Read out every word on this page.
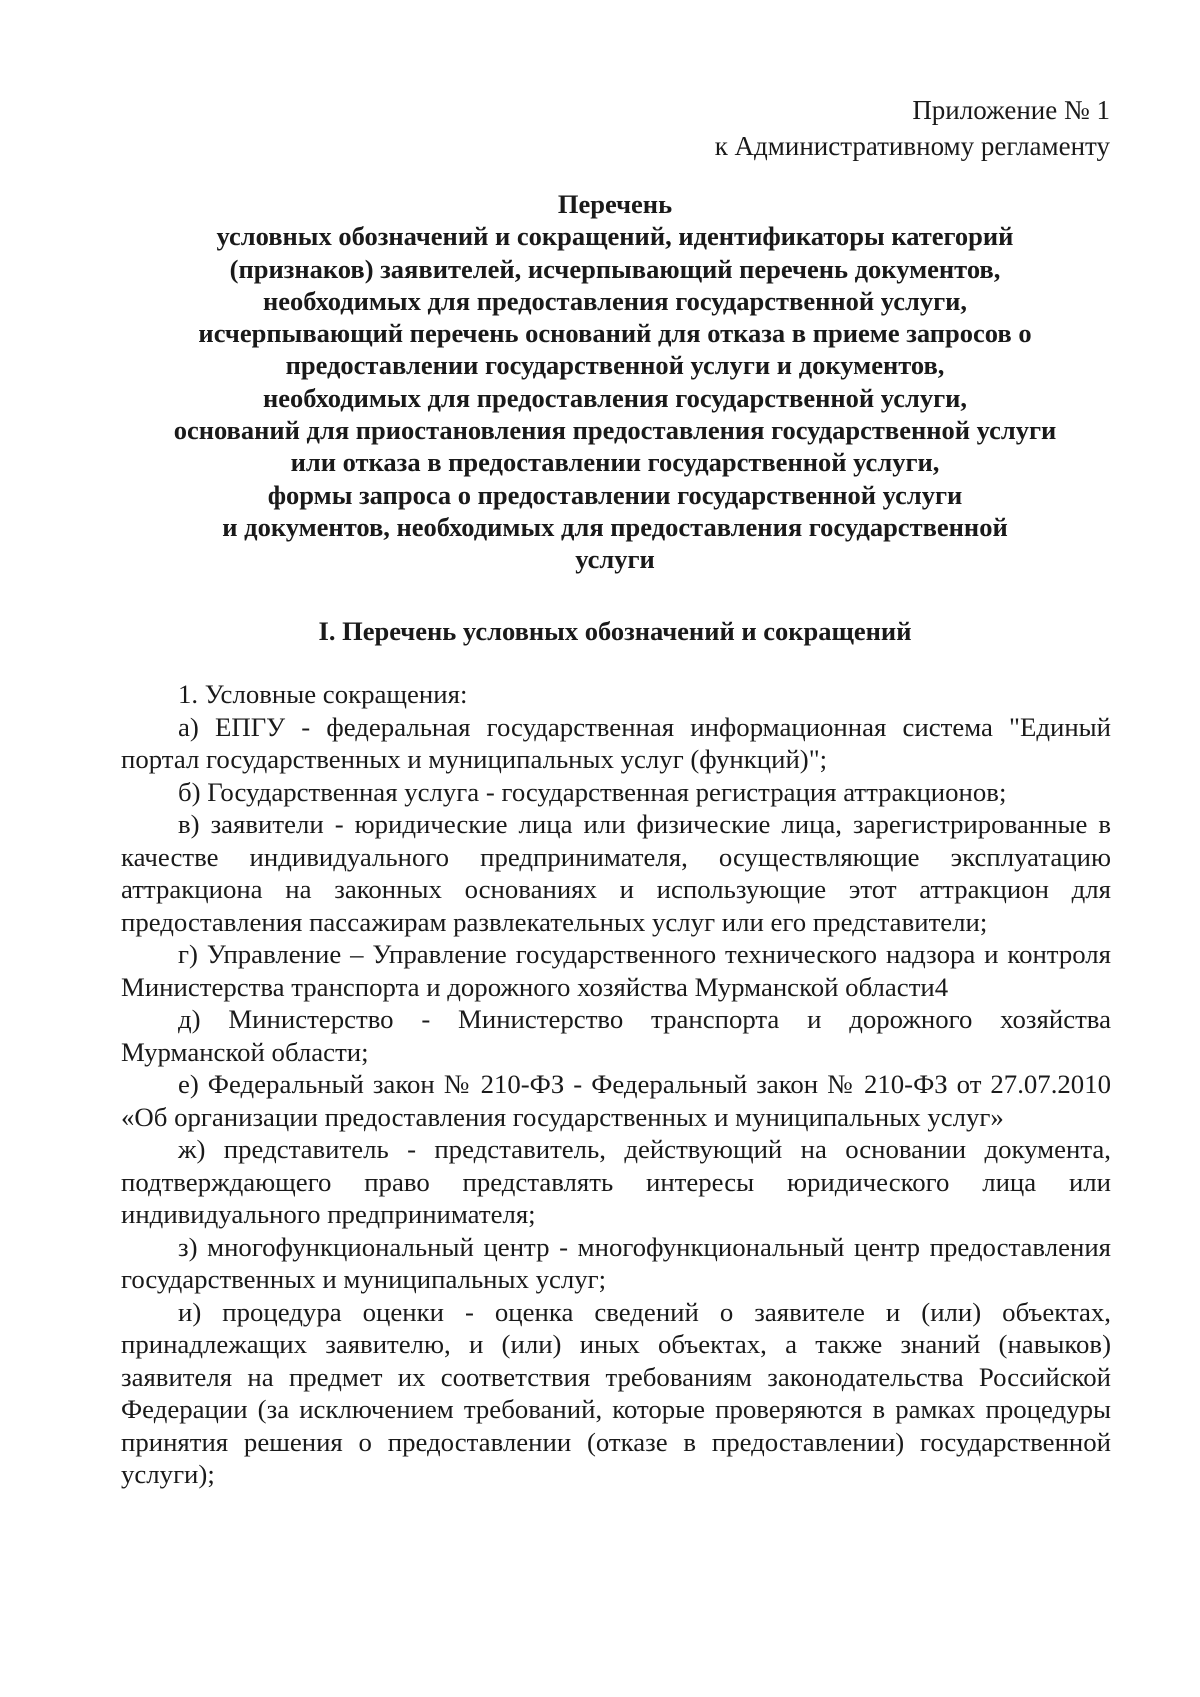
Приложение № 1
к Административному регламенту
Перечень
условных обозначений и сокращений, идентификаторы категорий
(признаков) заявителей, исчерпывающий перечень документов,
необходимых для предоставления государственной услуги,
исчерпывающий перечень оснований для отказа в приеме запросов о
предоставлении государственной услуги и документов,
необходимых для предоставления государственной услуги,
оснований для приостановления предоставления государственной услуги
или отказа в предоставлении государственной услуги,
формы запроса о предоставлении государственной услуги
и документов, необходимых для предоставления государственной
услуги
I. Перечень условных обозначений и сокращений

1. Условные сокращения:

а) ЕПГУ - федеральная государственная информационная система "Единый портал государственных и муниципальных услуг (функций)";

б) Государственная услуга - государственная регистрация аттракционов;

в) заявители - юридические лица или физические лица, зарегистрированные в качестве индивидуального предпринимателя, осуществляющие эксплуатацию аттракциона на законных основаниях и использующие этот аттракцион для предоставления пассажирам развлекательных услуг или его представители;

г) Управление – Управление государственного технического надзора и контроля Министерства транспорта и дорожного хозяйства Мурманской области4

д) Министерство - Министерство транспорта и дорожного хозяйства Мурманской области;

е) Федеральный закон № 210-ФЗ - Федеральный закон № 210-ФЗ от 27.07.2010 «Об организации предоставления государственных и муниципальных услуг»

ж) представитель - представитель, действующий на основании документа, подтверждающего право представлять интересы юридического лица или индивидуального предпринимателя;

з) многофункциональный центр - многофункциональный центр предоставления государственных и муниципальных услуг;

и) процедура оценки - оценка сведений о заявителе и (или) объектах, принадлежащих заявителю, и (или) иных объектах, а также знаний (навыков) заявителя на предмет их соответствия требованиям законодательства Российской Федерации (за исключением требований, которые проверяются в рамках процедуры принятия решения о предоставлении (отказе в предоставлении) государственной услуги);
